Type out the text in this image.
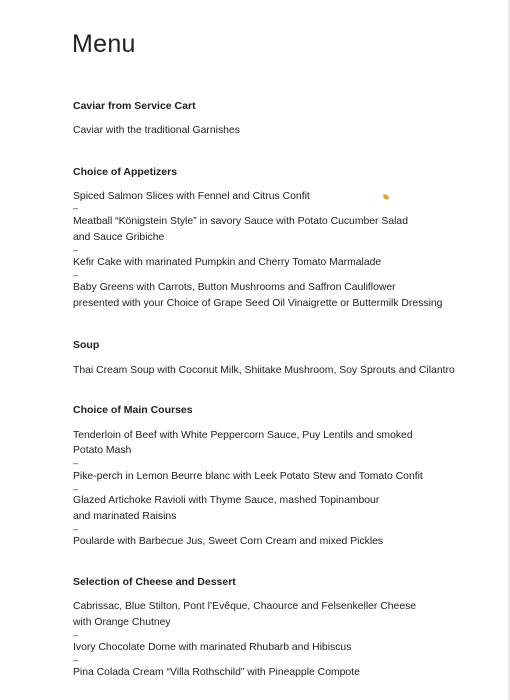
Menu
Caviar from Service Cart
Caviar with the traditional Garnishes
Choice of Appetizers
Spiced Salmon Slices with Fennel and Citrus Confit
–
Meatball “Königstein Style” in savory Sauce with Potato Cucumber Salad
and Sauce Gribiche
–
Kefir Cake with marinated Pumpkin and Cherry Tomato Marmalade
–
Baby Greens with Carrots, Button Mushrooms and Saffron Cauliflower
presented with your Choice of Grape Seed Oil Vinaigrette or Buttermilk Dressing
Soup
Thai Cream Soup with Coconut Milk, Shiitake Mushroom, Soy Sprouts and Cilantro
Choice of Main Courses
Tenderloin of Beef with White Peppercorn Sauce, Puy Lentils and smoked
Potato Mash
–
Pike-perch in Lemon Beurre blanc with Leek Potato Stew and Tomato Confit
–
Glazed Artichoke Ravioli with Thyme Sauce, mashed Topinambour
and marinated Raisins
–
Poularde with Barbecue Jus, Sweet Corn Cream and mixed Pickles
Selection of Cheese and Dessert
Cabrissac, Blue Stilton, Pont l’Evêque, Chaource and Felsenkeller Cheese
with Orange Chutney
–
Ivory Chocolate Dome with marinated Rhubarb and Hibiscus
–
Pina Colada Cream “Villa Rothschild” with Pineapple Compote
